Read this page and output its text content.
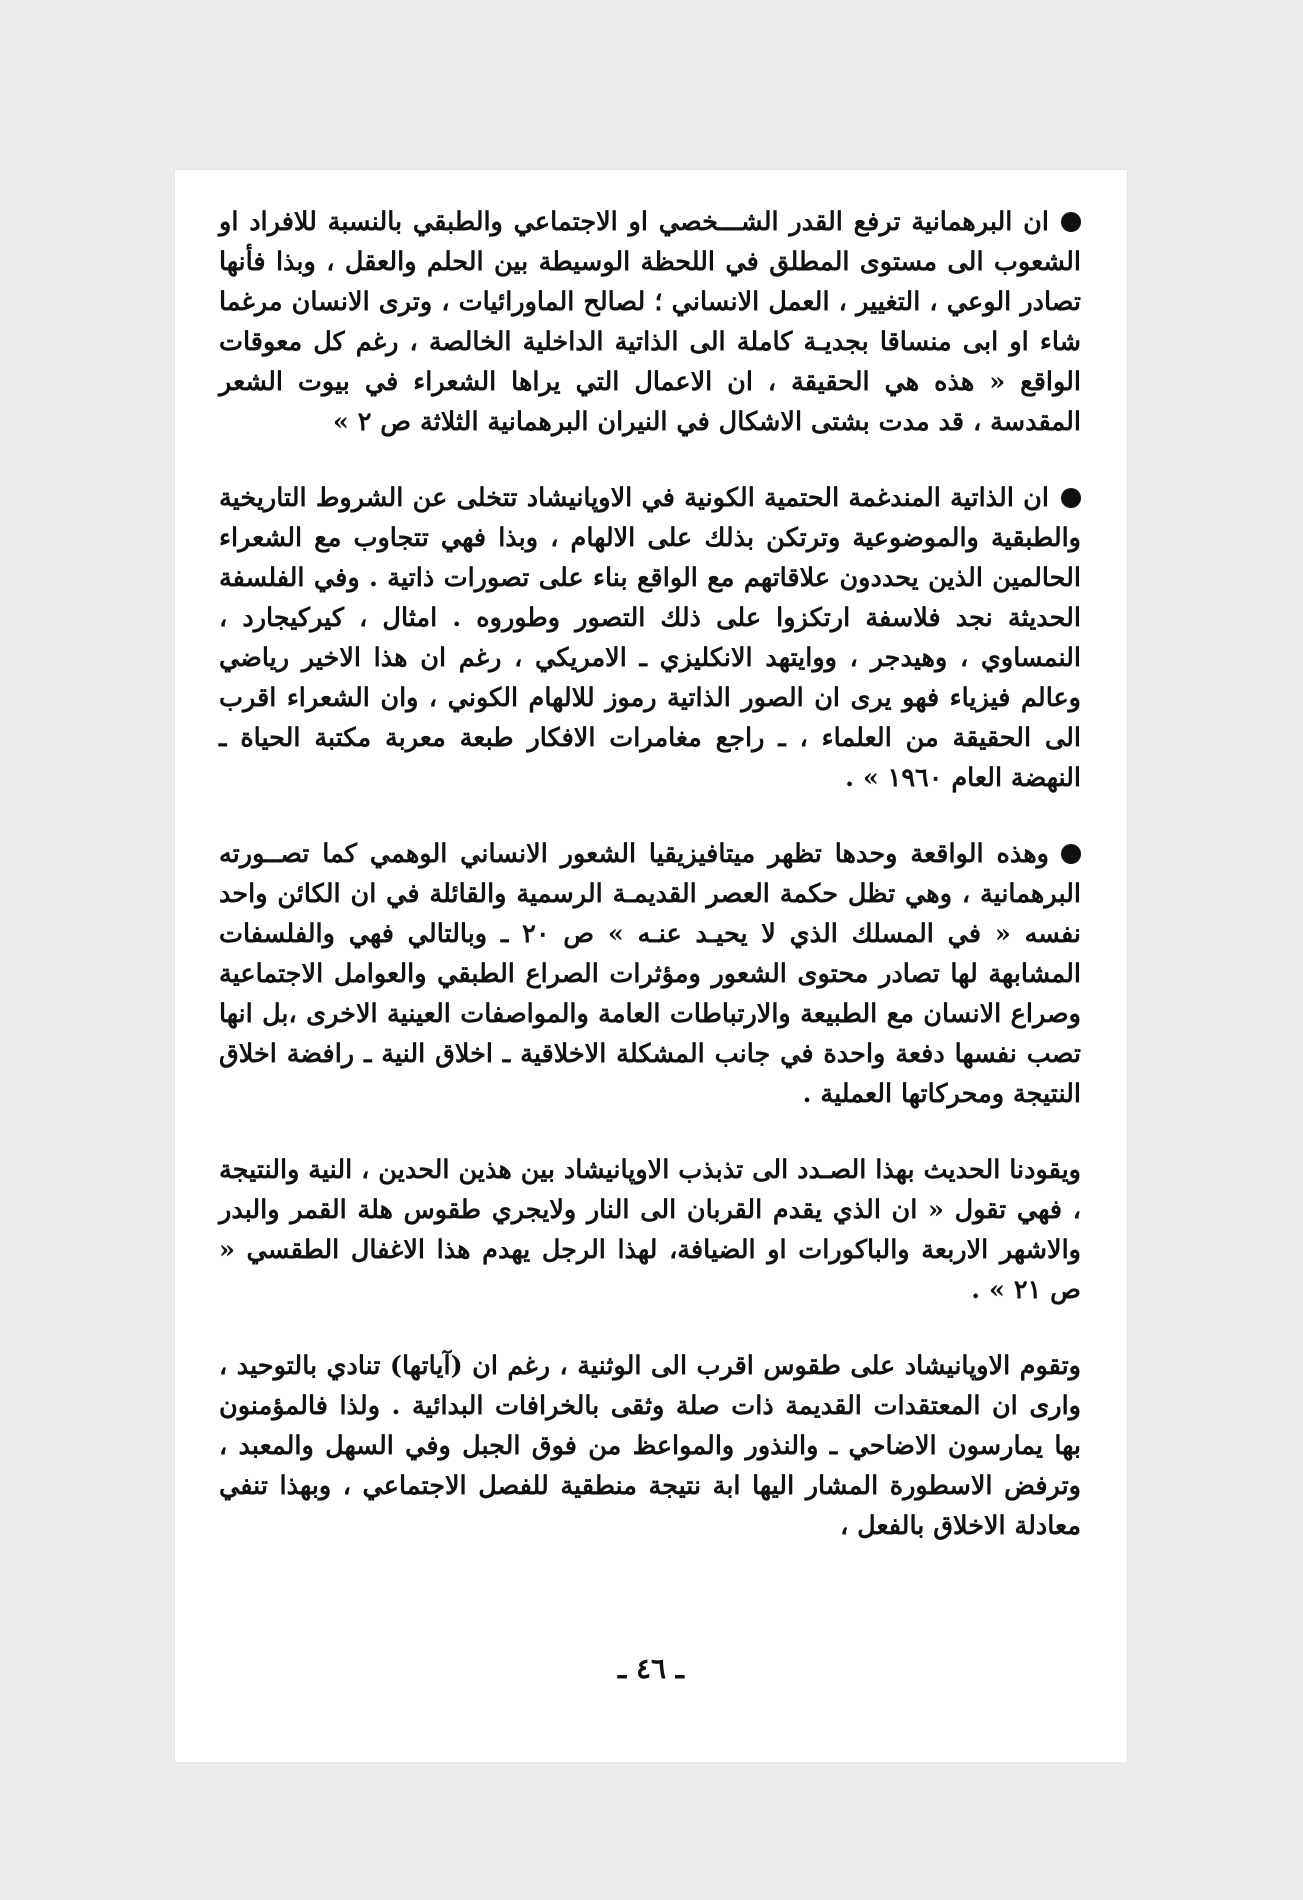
ان البرهمانية ترفع القدر الشـــخصي او الاجتماعي والطبقي بالنسبة للافراد او الشعوب الى مستوى المطلق في اللحظة الوسيطة بين الحلم والعقل ، وبذا فأنها تصادر الوعي ، التغيير ، العمل الانساني ؛ لصالح الماورائيات ، وترى الانسان مرغما شاء او ابى منساقا بجديـة كاملة الى الذاتية الداخلية الخالصة ، رغم كل معوقات الواقع « هذه هي الحقيقة ، ان الاعمال التي يراها الشعراء في بيوت الشعر المقدسة ، قد مدت بشتى الاشكال في النيران البرهمانية الثلاثة ص ٢ »

ان الذاتية المندغمة الحتمية الكونية في الاوپانيشاد تتخلى عن الشروط التاريخية والطبقية والموضوعية وترتكن بذلك على الالهام ، وبذا فهي تتجاوب مع الشعراء الحالمين الذين يحددون علاقاتهم مع الواقع بناء على تصورات ذاتية . وفي الفلسفة الحديثة نجد فلاسفة ارتكزوا على ذلك التصور وطوروه . امثال ، كيركيجارد ، النمساوي ، وهيدجر ، ووايتهد الانكليزي ـ الامريكي ، رغم ان هذا الاخير رياضي وعالم فيزياء فهو يرى ان الصور الذاتية رموز للالهام الكوني ، وان الشعراء اقرب الى الحقيقة من العلماء ، ـ راجع مغامرات الافكار طبعة معربة مكتبة الحياة ـ النهضة العام ١٩٦٠ » .

وهذه الواقعة وحدها تظهر ميتافيزيقيا الشعور الانساني الوهمي كما تصــورته البرهمانية ، وهي تظل حكمة العصر القديمـة الرسمية والقائلة في ان الكائن واحد نفسه « في المسلك الذي لا يحيـد عنـه » ص ٢٠ ـ وبالتالي فهي والفلسفات المشابهة لها تصادر محتوى الشعور ومؤثرات الصراع الطبقي والعوامل الاجتماعية وصراع الانسان مع الطبيعة والارتباطات العامة والمواصفات العينية الاخرى ،بل انها تصب نفسها دفعة واحدة في جانب المشكلة الاخلاقية ـ اخلاق النية ـ رافضة اخلاق النتيجة ومحركاتها العملية .

ويقودنا الحديث بهذا الصـدد الى تذبذب الاوپانيشاد بين هذين الحدين ، النية والنتيجة ، فهي تقول « ان الذي يقدم القربان الى النار ولايجري طقوس هلة القمر والبدر والاشهر الاربعة والباكورات او الضيافة، لهذا الرجل يهدم هذا الاغفال الطقسي « ص ٢١ » .

وتقوم الاوپانيشاد على طقوس اقرب الى الوثنية ، رغم ان (آياتها) تنادي بالتوحيد ، وارى ان المعتقدات القديمة ذات صلة وثقى بالخرافات البدائية . ولذا فالمؤمنون بها يمارسون الاضاحي ـ والنذور والمواعظ من فوق الجبل وفي السهل والمعبد ، وترفض الاسطورة المشار اليها ابة نتيجة منطقية للفصل الاجتماعي ، وبهذا تنفي معادلة الاخلاق بالفعل ،

ـ ٤٦ ـ
